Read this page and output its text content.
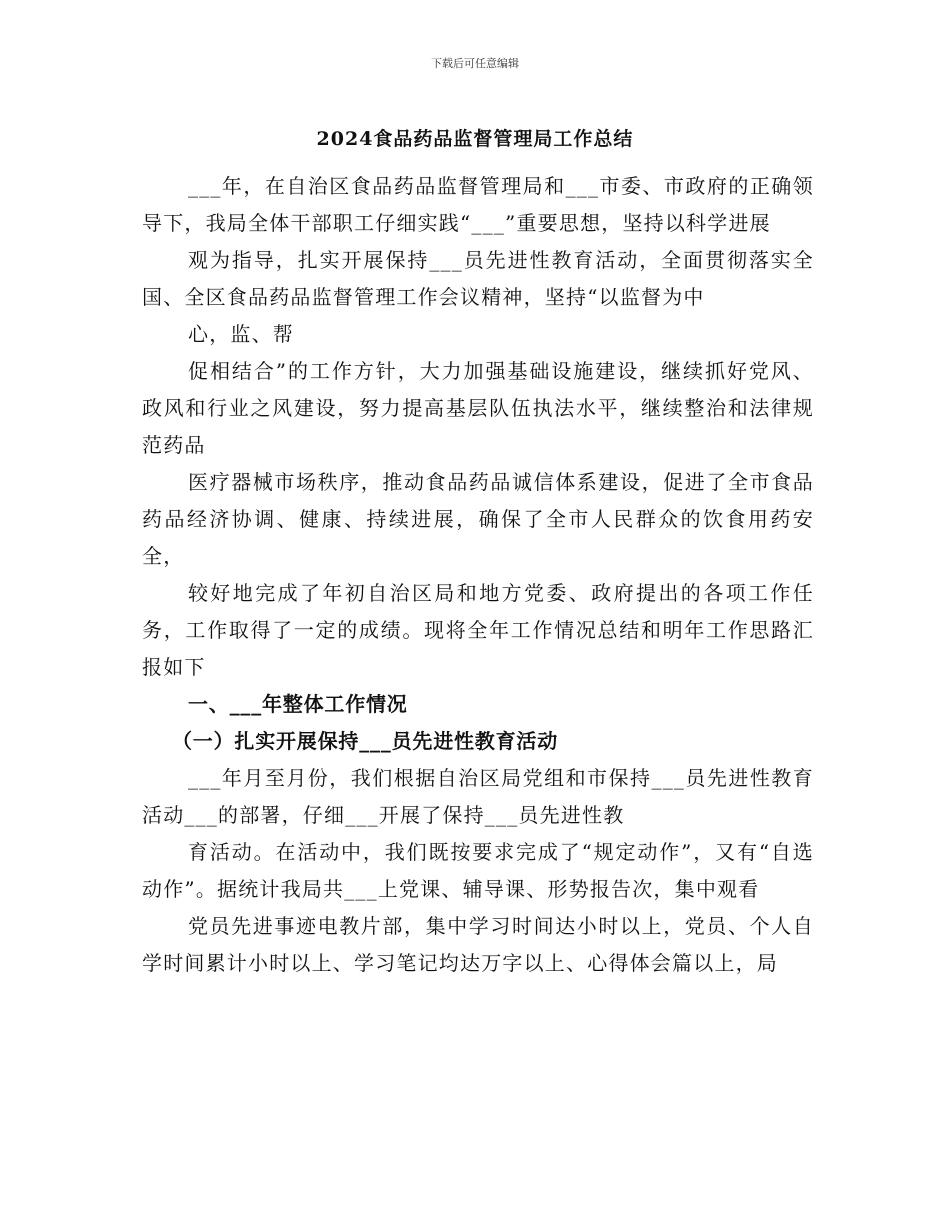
下载后可任意编辑
2024食品药品监督管理局工作总结

___年，在自治区食品药品监督管理局和___市委、市政府的正确领导下，我局全体干部职工仔细实践“___”重要思想，坚持以科学进展

观为指导，扎实开展保持___员先进性教育活动，全面贯彻落实全国、全区食品药品监督管理工作会议精神，坚持“以监督为中

心，监、帮

促相结合”的工作方针，大力加强基础设施建设，继续抓好党风、政风和行业之风建设，努力提高基层队伍执法水平，继续整治和法律规范药品

医疗器械市场秩序，推动食品药品诚信体系建设，促进了全市食品药品经济协调、健康、持续进展，确保了全市人民群众的饮食用药安全，

较好地完成了年初自治区局和地方党委、政府提出的各项工作任务，工作取得了一定的成绩。现将全年工作情况总结和明年工作思路汇报如下

一、___年整体工作情况

（一）扎实开展保持___员先进性教育活动

___年月至月份，我们根据自治区局党组和市保持___员先进性教育活动___的部署，仔细___开展了保持___员先进性教

育活动。在活动中，我们既按要求完成了“规定动作”，又有“自选动作”。据统计我局共___上党课、辅导课、形势报告次，集中观看

党员先进事迹电教片部，集中学习时间达小时以上，党员、个人自学时间累计小时以上、学习笔记均达万字以上、心得体会篇以上，局
